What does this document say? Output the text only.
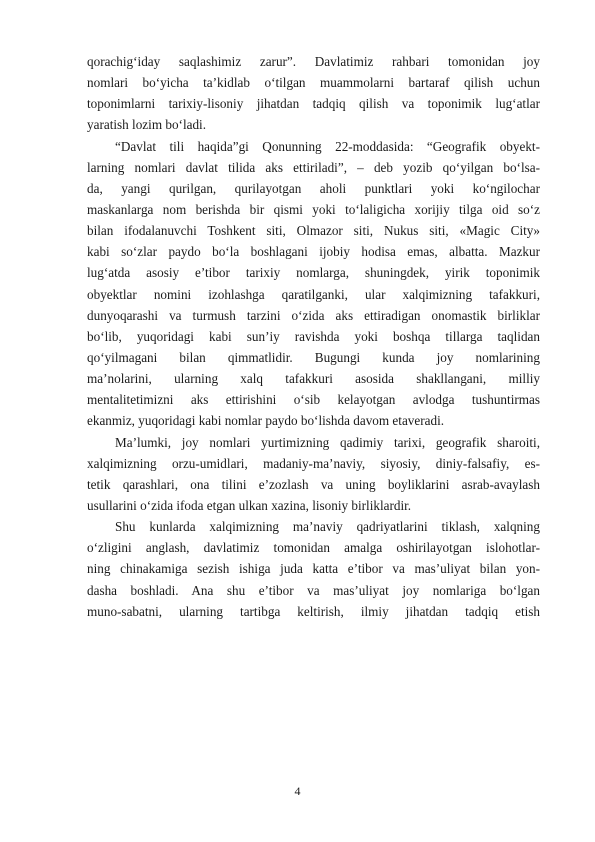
qorachig‘iday saqlashimiz zarur”. Davlatimiz rahbari tomonidan joy
nomlari bo‘yicha ta’kidlab o‘tilgan muammolarni bartaraf qilish uchun
toponimlarni tarixiy-lisoniy jihatdan tadqiq qilish va toponimik lug‘atlar
yaratish lozim bo‘ladi.
“Davlat tili haqida”gi Qonunning 22-moddasida: “Geografik obyekt-
larning nomlari davlat tilida aks ettiriladi”, – deb yozib qo‘yilgan bo‘lsa-
da, yangi qurilgan, qurilayotgan aholi punktlari yoki ko‘ngilochar
maskanlarga nom berishda bir qismi yoki to‘laligicha xorijiy tilga oid so‘z
bilan ifodalanuvchi Toshkent siti, Olmazor siti, Nukus siti, «Magic City»
kabi so‘zlar paydo bo‘la boshlagani ijobiy hodisa emas, albatta. Mazkur
lug‘atda asosiy e’tibor tarixiy nomlarga, shuningdek, yirik toponimik
obyektlar nomini izohlashga qaratilganki, ular xalqimizning tafakkuri,
dunyoqarashi va turmush tarzini o‘zida aks ettiradigan onomastik birliklar
bo‘lib, yuqoridagi kabi sun’iy ravishda yoki boshqa tillarga taqlidan
qo‘yilmagani bilan qimmatlidir. Bugungi kunda joy nomlarining
ma’nolarini, ularning xalq tafakkuri asosida shakllangani, milliy
mentalitetimizni aks ettirishini o‘sib kelayotgan avlodga tushuntirmas
ekanmiz, yuqoridagi kabi nomlar paydo bo‘lishda davom etaveradi.
Ma’lumki, joy nomlari yurtimizning qadimiy tarixi, geografik sharoiti,
xalqimizning orzu-umidlari, madaniy-ma’naviy, siyosiy, diniy-falsafiy, es-
tetik qarashlari, ona tilini e’zozlash va uning boyliklarini asrab-avaylash
usullarini o‘zida ifoda etgan ulkan xazina, lisoniy birliklardir.
Shu kunlarda xalqimizning ma’naviy qadriyatlarini tiklash, xalqning
o‘zligini anglash, davlatimiz tomonidan amalga oshirilayotgan islohotlar-
ning chinakamiga sezish ishiga juda katta e’tibor va mas’uliyat bilan yon-
dasha boshladi. Ana shu e’tibor va mas’uliyat joy nomlariga bo‘lgan
muno-sabatni, ularning tartibga keltirish, ilmiy jihatdan tadqiq etish
4
